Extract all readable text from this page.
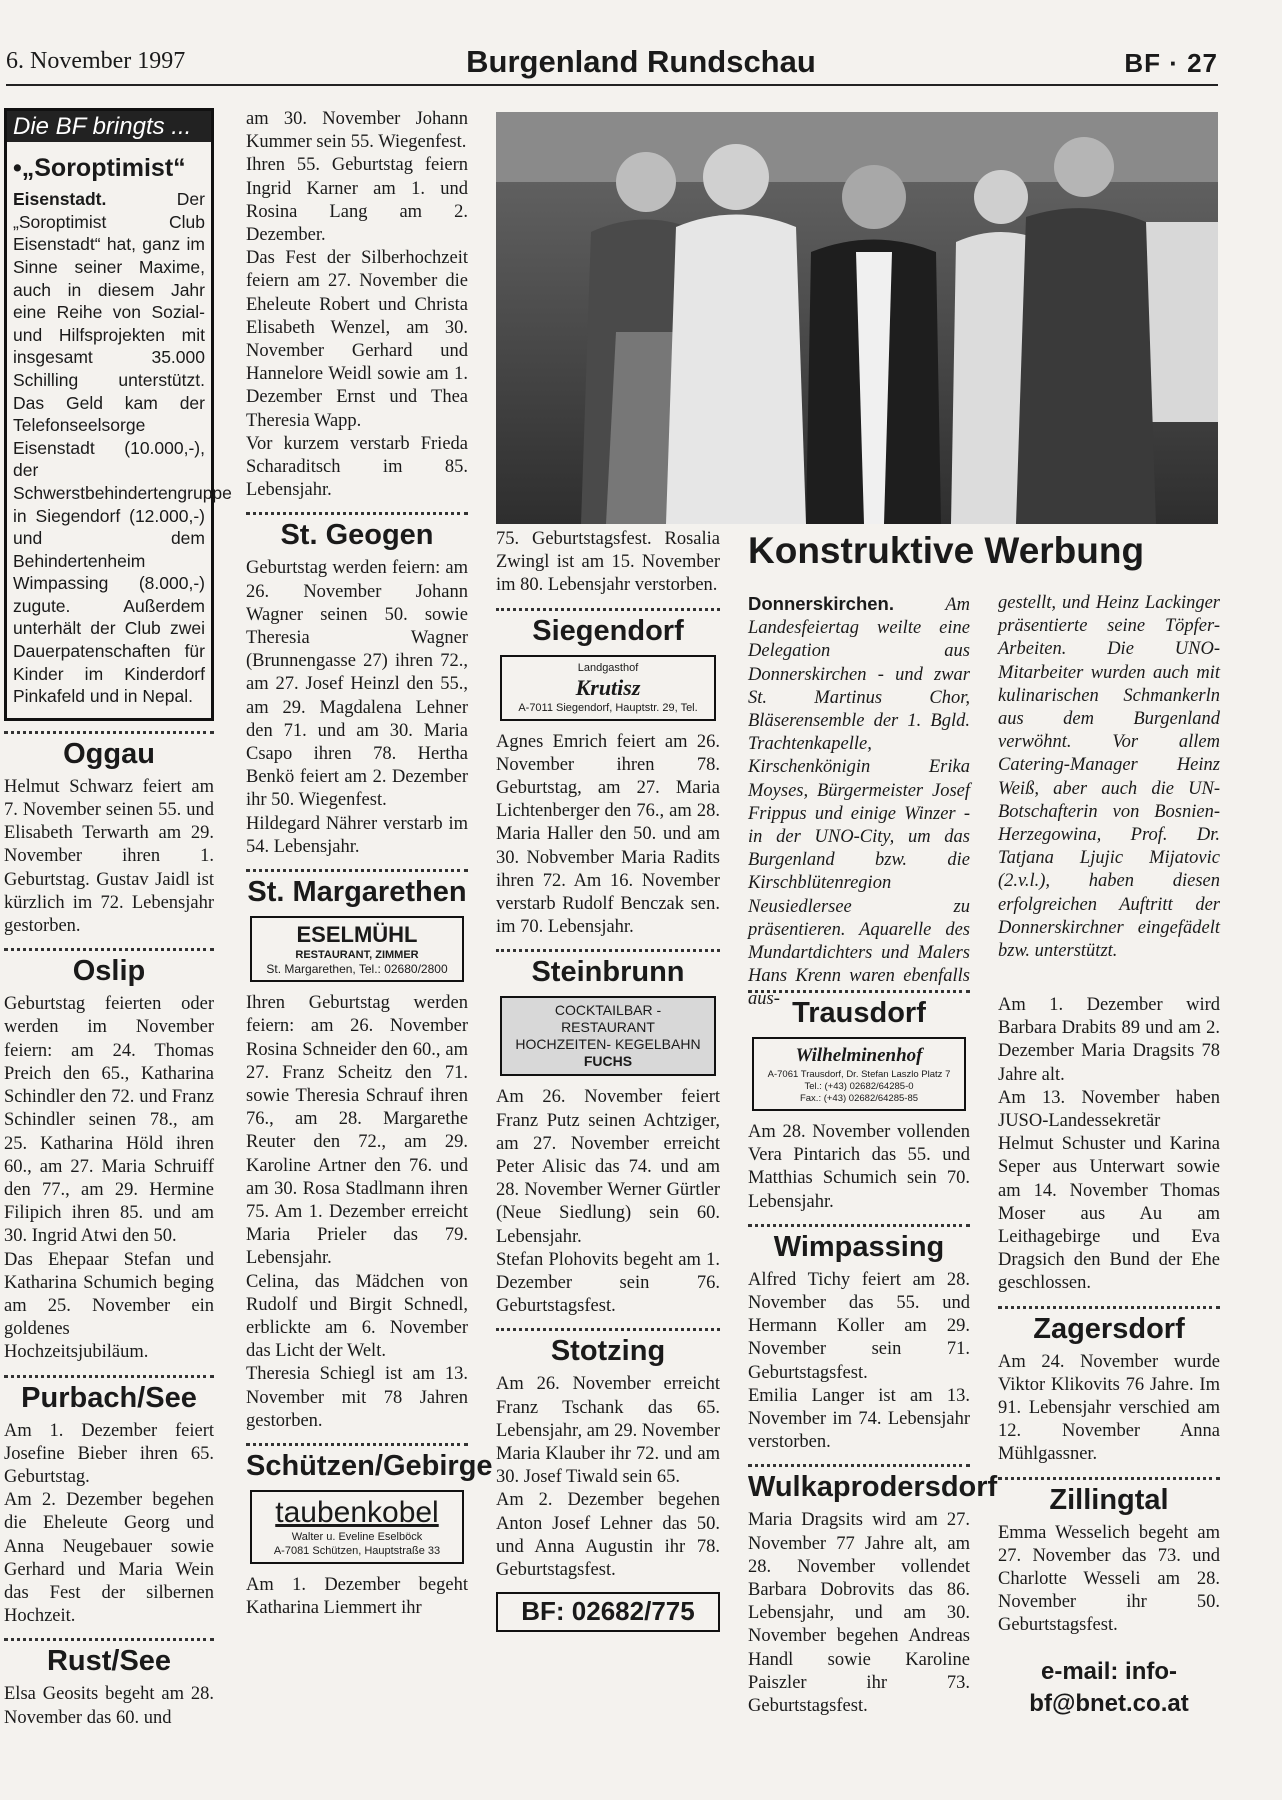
6. November 1997	Burgenland Rundschau	BF · 27
Die BF bringts ...
•„Soroptimist“

Eisenstadt.	Der „Soroptimist Club Eisenstadt“ hat, ganz im Sinne seiner Maxime, auch in diesem Jahr eine Reihe von Sozial- und Hilfsprojekten mit insgesamt 35.000 Schilling unterstützt. Das Geld kam der Telefonseelsorge Eisenstadt (10.000,-), der Schwerstbehindertengruppe in Siegendorf (12.000,-) und dem Behindertenheim Wimpassing (8.000,-) zugute. Außerdem unterhält der Club zwei Dauerpatenschaften für Kinder im Kinderdorf Pinkafeld und in Nepal.

Oggau

Helmut Schwarz feiert am 7. November seinen 55. und Elisabeth Terwarth am 29. November ihren 1. Geburtstag. Gustav Jaidl ist kürzlich im 72. Lebensjahr gestorben.

Oslip

Geburtstag feierten oder werden im November feiern: am 24. Thomas Preich den 65., Katharina Schindler den 72. und Franz Schindler seinen 78., am 25. Katharina Höld ihren 60., am 27. Maria Schruiff den 77., am 29. Hermine Filipich ihren 85. und am 30. Ingrid Atwi den 50.

Das Ehepaar Stefan und Katharina Schumich beging am 25. November ein goldenes Hochzeitsjubiläum.

Purbach/See

Am 1. Dezember feiert Josefine Bieber ihren 65. Geburtstag.

Am 2. Dezember begehen die Eheleute Georg und Anna Neugebauer sowie Gerhard und Maria Wein das Fest der silbernen Hochzeit.

Rust/See

Elsa Geosits begeht am 28. November das 60. und

am 30. November Johann Kummer sein 55. Wiegenfest.

Ihren 55. Geburtstag feiern Ingrid Karner am 1. und Rosina Lang am 2. Dezember.

Das Fest der Silberhochzeit feiern am 27. November die Eheleute Robert und Christa Elisabeth Wenzel, am 30. November Gerhard und Hannelore Weidl sowie am 1. Dezember Ernst und Thea Theresia Wapp.

Vor kurzem verstarb Frieda Scharaditsch im 85. Lebensjahr.

St. Geogen

Geburtstag werden feiern: am 26. November Johann Wagner seinen 50. sowie Theresia Wagner (Brunnengasse 27) ihren 72., am 27. Josef Heinzl den 55., am 29. Magdalena Lehner den 71. und am 30. Maria Csapo ihren 78. Hertha Benkö feiert am 2. Dezember ihr 50. Wiegenfest.

Hildegard Nährer verstarb im 54. Lebensjahr.

St. Margarethen
ESELMÜHL
RESTAURANT, ZIMMER
St. Margarethen, Tel.: 02680/2800

Ihren Geburtstag werden feiern: am 26. November Rosina Schneider den 60., am 27. Franz Scheitz den 71. sowie Theresia Schrauf ihren 76., am 28. Margarethe Reuter den 72., am 29. Karoline Artner den 76. und am 30. Rosa Stadlmann ihren 75. Am 1. Dezember erreicht Maria Prieler das 79. Lebensjahr.

Celina, das Mädchen von Rudolf und Birgit Schnedl, erblickte am 6. November das Licht der Welt.

Theresia Schiegl ist am 13. November mit 78 Jahren gestorben.

Schützen/Gebirge
taubenkobel
Walter u. Eveline Eselböck
A-7081 Schützen, Hauptstraße 33

Am 1. Dezember begeht Katharina Liemmert ihr

75. Geburtstagsfest. Rosalia Zwingl ist am 15. November im 80. Lebensjahr verstorben.

Siegendorf
Landgasthof
Krutisz
A-7011 Siegendorf, Hauptstr. 29, Tel.

Agnes Emrich feiert am 26. November ihren 78. Geburtstag, am 27. Maria Lichtenberger den 76., am 28. Maria Haller den 50. und am 30. Nobvember Maria Radits ihren 72. Am 16. November verstarb Rudolf Benczak sen. im 70. Lebensjahr.

Steinbrunn
COCKTAILBAR - RESTAURANT
HOCHZEITEN- KEGELBAHN
FUCHS

Am 26. November feiert Franz Putz seinen Achtziger, am 27. November erreicht Peter Alisic das 74. und am 28. November Werner Gürtler (Neue Siedlung) sein 60. Lebensjahr.

Stefan Plohovits begeht am 1. Dezember sein 76. Geburtstagsfest.

Stotzing

Am 26. November erreicht Franz Tschank das 65. Lebensjahr, am 29. November Maria Klauber ihr 72. und am 30. Josef Tiwald sein 65.

Am 2. Dezember begehen Anton Josef Lehner das 50. und Anna Augustin ihr 78. Geburtstagsfest.

BF: 02682/775
Konstruktive Werbung

Donnerskirchen.	Am Landesfeiertag weilte eine Delegation aus Donnerskirchen - und zwar St. Martinus Chor, Bläserensemble der 1. Bgld. Trachtenkapelle, Kirschenkönigin Erika Moyses, Bürgermeister Josef Frippus und einige Winzer - in der UNO-City, um das Burgenland bzw. die Kirschblütenregion Neusiedlersee zu präsentieren. Aquarelle des Mundartdichters und Malers Hans Krenn waren ebenfalls aus-

gestellt, und Heinz Lackinger präsentierte seine Töpfer-Arbeiten. Die UNO-Mitarbeiter wurden auch mit kulinarischen Schmankerln aus dem Burgenland verwöhnt. Vor allem Catering-Manager Heinz Weiß, aber auch die UN-Botschafterin von Bosnien-Herzegowina, Prof. Dr. Tatjana Ljujic Mijatovic (2.v.l.), haben diesen erfolgreichen Auftritt der Donnerskirchner eingefädelt bzw. unterstützt.

Trausdorf
Wilhelminenhof
A-7061 Trausdorf, Dr. Stefan Laszlo Platz 7
Tel.: (+43) 02682/64285-0
Fax.: (+43) 02682/64285-85

Am 28. November vollenden Vera Pintarich das 55. und Matthias Schumich sein 70. Lebensjahr.

Wimpassing

Alfred Tichy feiert am 28. November das 55. und Hermann Koller am 29. November sein 71. Geburtstagsfest.

Emilia Langer ist am 13. November im 74. Lebensjahr verstorben.

Wulkaprodersdorf

Maria Dragsits wird am 27. November 77 Jahre alt, am 28. November vollendet Barbara Dobrovits das 86. Lebensjahr, und am 30. November begehen Andreas Handl sowie Karoline Paiszler ihr 73. Geburtstagsfest.

Am 1. Dezember wird Barbara Drabits 89 und am 2. Dezember Maria Dragsits 78 Jahre alt.

Am 13. November haben JUSO-Landessekretär Helmut Schuster und Karina Seper aus Unterwart sowie am 14. November Thomas Moser aus Au am Leithagebirge und Eva Dragsich den Bund der Ehe geschlossen.

Zagersdorf

Am 24. November wurde Viktor Klikovits 76 Jahre. Im 91. Lebensjahr verschied am 12. November Anna Mühlgassner.

Zillingtal

Emma Wesselich begeht am 27. November das 73. und Charlotte Wesseli am 28. November ihr 50. Geburtstagsfest.

e-mail: info-
bf@bnet.co.at
